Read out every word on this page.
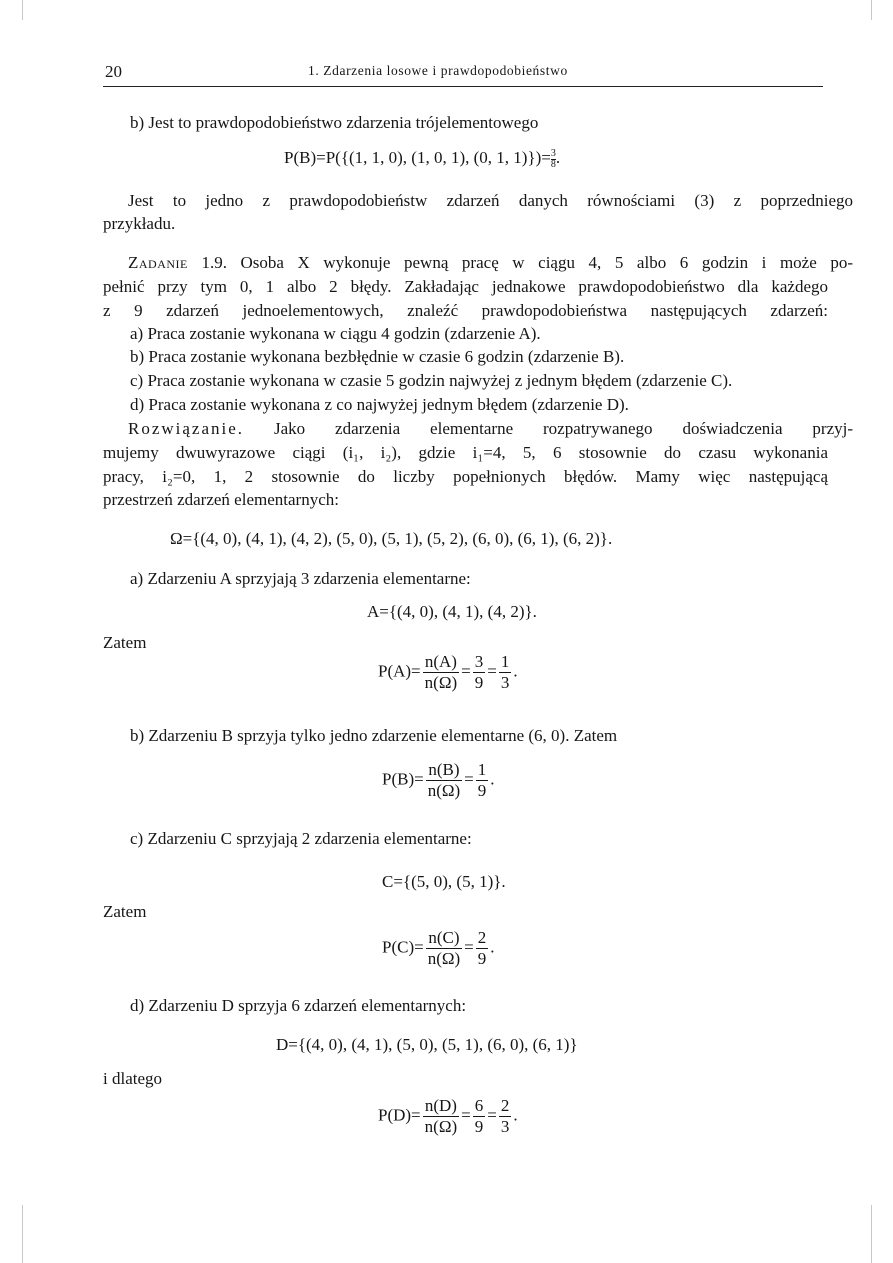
20	1. Zdarzenia losowe i prawdopodobieństwo
b) Jest to prawdopodobieństwo zdarzenia trójelementowego
P(B)=P({(1, 1, 0), (1, 0, 1), (0, 1, $1)\})= \frac{3}{8}$ .
Jest to jedno z prawdopodobieństw zdarzeń danych równościami (3) z poprzedniego
przykładu.
Zadanie 1.9. Osoba X wykonuje pewną pracę w ciągu 4, 5 albo 6 godzin i może po-
pełnić przy tym 0, 1 albo 2 błędy. Zakładając jednakowe prawdopodobieństwo dla każdego
z 9 zdarzeń jednoelementowych, znaleźć prawdopodobieństwa następujących zdarzeń:
a) Praca zostanie wykonana w ciągu 4 godzin (zdarzenie A).
b) Praca zostanie wykonana bezbłędnie w czasie 6 godzin (zdarzenie B).
c) Praca zostanie wykonana w czasie 5 godzin najwyżej z jednym błędem (zdarzenie C).
d) Praca zostanie wykonana z co najwyżej jednym błędem (zdarzenie D).
Rozwiązanie. Jako zdarzenia elementarne rozpatrywanego doświadczenia przyj-
mujemy dwuwyrazowe ciągi (i₁, i₂), gdzie i₁=4, 5, 6 stosownie do czasu wykonania
pracy, i₂=0, 1, 2 stosownie do liczby popełnionych błędów. Mamy więc następującą
przestrzeń zdarzeń elementarnych:
Ω={(4, 0), (4, 1), (4, 2), (5, 0), (5, 1), (5, 2), (6, 0), (6, 1), (6, 2)}.
a) Zdarzeniu A sprzyjają 3 zdarzenia elementarne:
A={(4, 0), (4, 1), (4, 2)}.
Zatem
$P(A)= \frac{n(A)}{n(\Omega)} = \frac{3}{9} = \frac{1}{3}$ .
b) Zdarzeniu B sprzyja tylko jedno zdarzenie elementarne (6, 0). Zatem
$P(B)= \frac{n(B)}{n(\Omega)} = \frac{1}{9}$ .
c) Zdarzeniu C sprzyjają 2 zdarzenia elementarne:
C={(5, 0), (5, 1)}.
Zatem
$P(C)= \frac{n(C)}{n(\Omega)} = \frac{2}{9}$ .
d) Zdarzeniu D sprzyja 6 zdarzeń elementarnych:
D={(4, 0), (4, 1), (5, 0), (5, 1), (6, 0), (6, 1)}
i dlatego
$P(D)= \frac{n(D)}{n(\Omega)} = \frac{6}{9} = \frac{2}{3}$ .
